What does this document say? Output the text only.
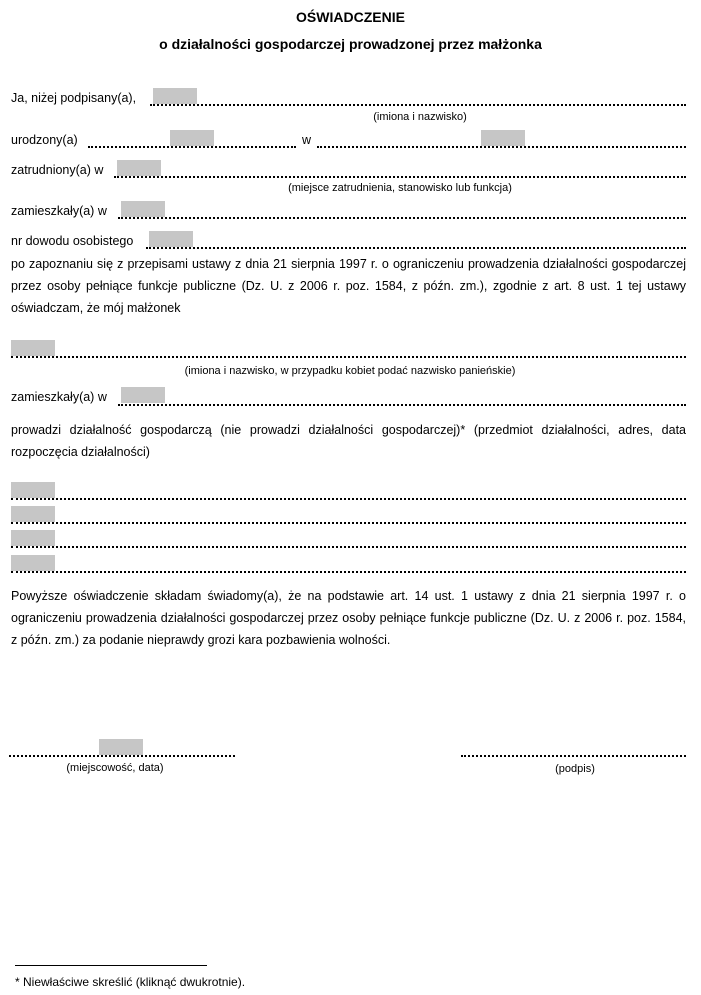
OŚWIADCZENIE
o działalności gospodarczej prowadzonej przez małżonka
Ja, niżej podpisany(a),
(imiona i nazwisko)
urodzony(a)	w
zatrudniony(a) w
(miejsce zatrudnienia, stanowisko lub funkcja)
zamieszkały(a) w
nr dowodu osobistego
po zapoznaniu się z przepisami ustawy z dnia 21 sierpnia 1997 r. o ograniczeniu prowadzenia działalności gospodarczej przez osoby pełniące funkcje publiczne (Dz. U. z 2006 r. poz. 1584, z późn. zm.), zgodnie z art. 8 ust. 1 tej ustawy oświadczam, że mój małżonek
(imiona i nazwisko, w przypadku kobiet podać nazwisko panieńskie)
zamieszkały(a) w
prowadzi działalność gospodarczą (nie prowadzi działalności gospodarczej)* (przedmiot działalności, adres, data rozpoczęcia działalności)
Powyższe oświadczenie składam świadomy(a), że na podstawie art. 14 ust. 1 ustawy z dnia 21 sierpnia 1997 r. o ograniczeniu prowadzenia działalności gospodarczej przez osoby pełniące funkcje publiczne (Dz. U. z 2006 r. poz. 1584, z późn. zm.) za podanie nieprawdy grozi kara pozbawienia wolności.
(miejscowość, data)	(podpis)
* Niewłaściwe skreślić (kliknąć dwukrotnie).
